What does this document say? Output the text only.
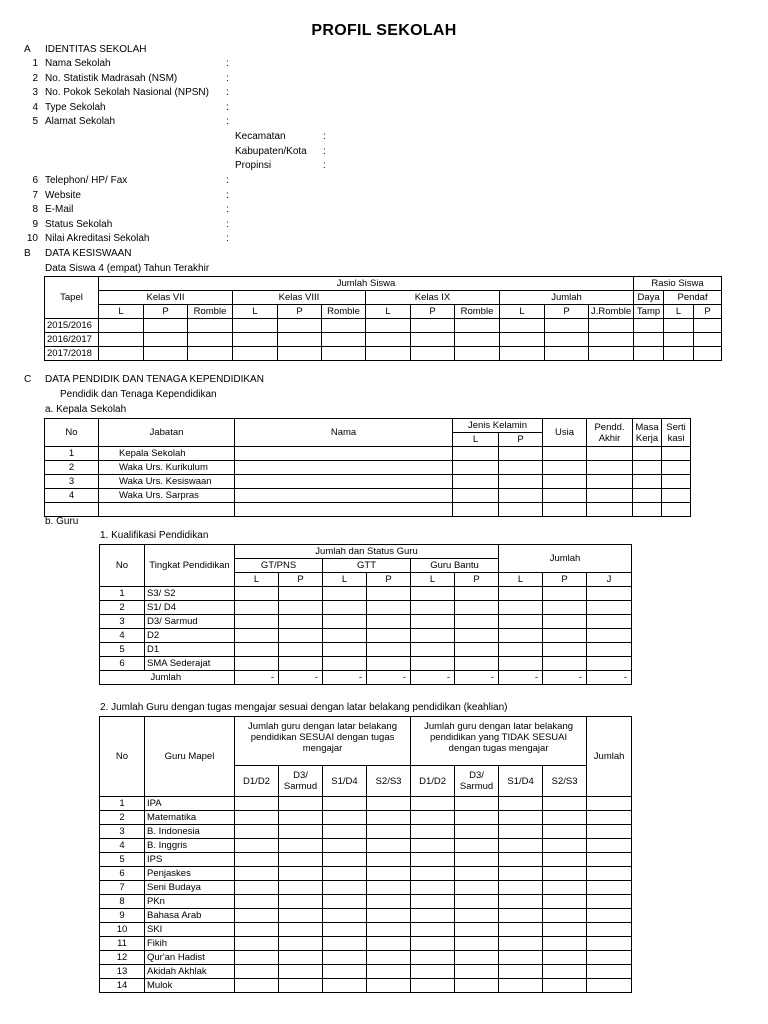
PROFIL SEKOLAH
A IDENTITAS SEKOLAH
1 Nama Sekolah	:
2 No. Statistik Madrasah (NSM)	:
3 No. Pokok Sekolah Nasional (NPSN) :
4 Type Sekolah	:
5 Alamat Sekolah	:
Kecamatan	:
Kabupaten/Kota :
Propinsi	:
6 Telephon/ HP/ Fax	:
7 Website	:
8 E-Mail	:
9 Status Sekolah	:
10 Nilai Akreditasi Sekolah	:
B DATA KESISWAAN
Data Siswa 4 (empat) Tahun Terakhir
Tapel	Jumlah Siswa												Rasio Siswa		
	Kelas VII			Kelas VIII			Kelas IX			Jumlah			Daya	Pendaf	
	L	P	Romble	L	P	Romble	L	P	Romble	L	P	J.Romble	Tamp	L	P
2015/2016															
2016/2017															
2017/2018															
C DATA PENDIDIK DAN TENAGA KEPENDIDIKAN
Pendidik dan Tenaga Kependidikan
a. Kepala Sekolah
No	Jabatan	Nama	Jenis Kelamin		Usia	Pendd. Akhir	Masa Kerja	Serti kasi
			L	P				
1	Kepala Sekolah							
2	Waka Urs. Kurikulum							
3	Waka Urs. Kesiswaan							
4	Waka Urs. Sarpras							

b. Guru
1. Kualifikasi Pendidikan
No	Tingkat Pendidikan	Jumlah dan Status Guru						Jumlah		
		GT/PNS		GTT		Guru Bantu				
		L	P	L	P	L	P	L	P	J
1	S3/ S2									
2	S1/ D4									
3	D3/ Sarmud									
4	D2									
5	D1									
6	SMA Sederajat									
	Jumlah	-	-	-	-	-	-	-	-	-
2. Jumlah Guru dengan tugas mengajar sesuai dengan latar belakang pendidikan (keahlian)
No	Guru Mapel	Jumlah guru dengan latar belakang pendidikan SESUAI dengan tugas mengajar				Jumlah guru dengan latar belakang pendidikan yang TIDAK SESUAI dengan tugas mengajar				Jumlah
		D1/D2	D3/ Sarmud	S1/D4	S2/S3	D1/D2	D3/ Sarmud	S1/D4	S2/S3	
1	IPA									
2	Matematika									
3	B. Indonesia									
4	B. Inggris									
5	IPS									
6	Penjaskes									
7	Seni Budaya									
8	PKn									
9	Bahasa Arab									
10	SKI									
11	Fikih									
12	Qur'an Hadist									
13	Akidah Akhlak									
14	Mulok									
